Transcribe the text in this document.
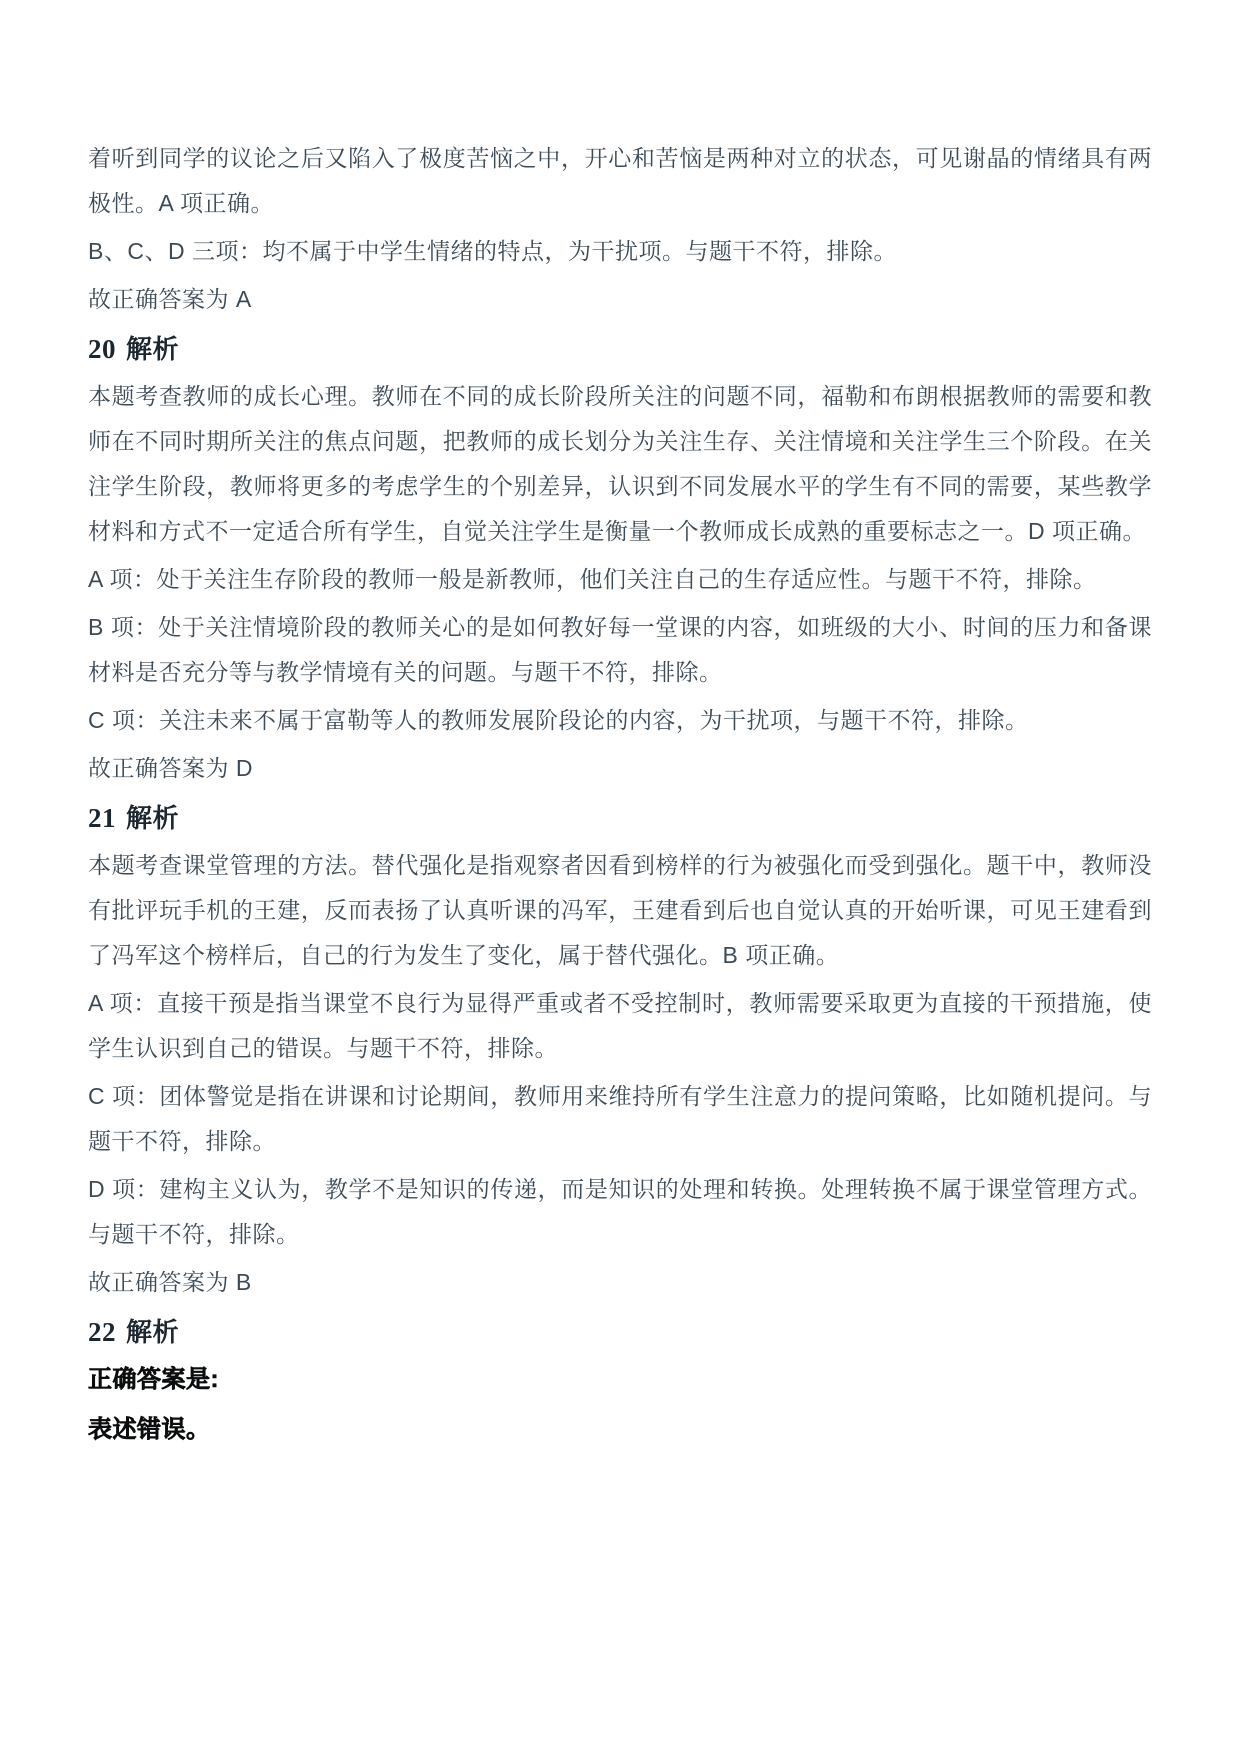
着听到同学的议论之后又陷入了极度苦恼之中，开心和苦恼是两种对立的状态，可见谢晶的情绪具有两极性。A 项正确。

B、C、D 三项：均不属于中学生情绪的特点，为干扰项。与题干不符，排除。

故正确答案为 A

20 解析

本题考查教师的成长心理。教师在不同的成长阶段所关注的问题不同，福勒和布朗根据教师的需要和教师在不同时期所关注的焦点问题，把教师的成长划分为关注生存、关注情境和关注学生三个阶段。在关注学生阶段，教师将更多的考虑学生的个别差异，认识到不同发展水平的学生有不同的需要，某些教学材料和方式不一定适合所有学生，自觉关注学生是衡量一个教师成长成熟的重要标志之一。D 项正确。

A 项：处于关注生存阶段的教师一般是新教师，他们关注自己的生存适应性。与题干不符，排除。

B 项：处于关注情境阶段的教师关心的是如何教好每一堂课的内容，如班级的大小、时间的压力和备课材料是否充分等与教学情境有关的问题。与题干不符，排除。

C 项：关注未来不属于富勒等人的教师发展阶段论的内容，为干扰项，与题干不符，排除。

故正确答案为 D

21 解析

本题考查课堂管理的方法。替代强化是指观察者因看到榜样的行为被强化而受到强化。题干中，教师没有批评玩手机的王建，反而表扬了认真听课的冯军，王建看到后也自觉认真的开始听课，可见王建看到了冯军这个榜样后，自己的行为发生了变化，属于替代强化。B 项正确。

A 项：直接干预是指当课堂不良行为显得严重或者不受控制时，教师需要采取更为直接的干预措施，使学生认识到自己的错误。与题干不符，排除。

C 项：团体警觉是指在讲课和讨论期间，教师用来维持所有学生注意力的提问策略，比如随机提问。与题干不符，排除。

D 项：建构主义认为，教学不是知识的传递，而是知识的处理和转换。处理转换不属于课堂管理方式。与题干不符，排除。

故正确答案为 B

22 解析

正确答案是:

表述错误。
